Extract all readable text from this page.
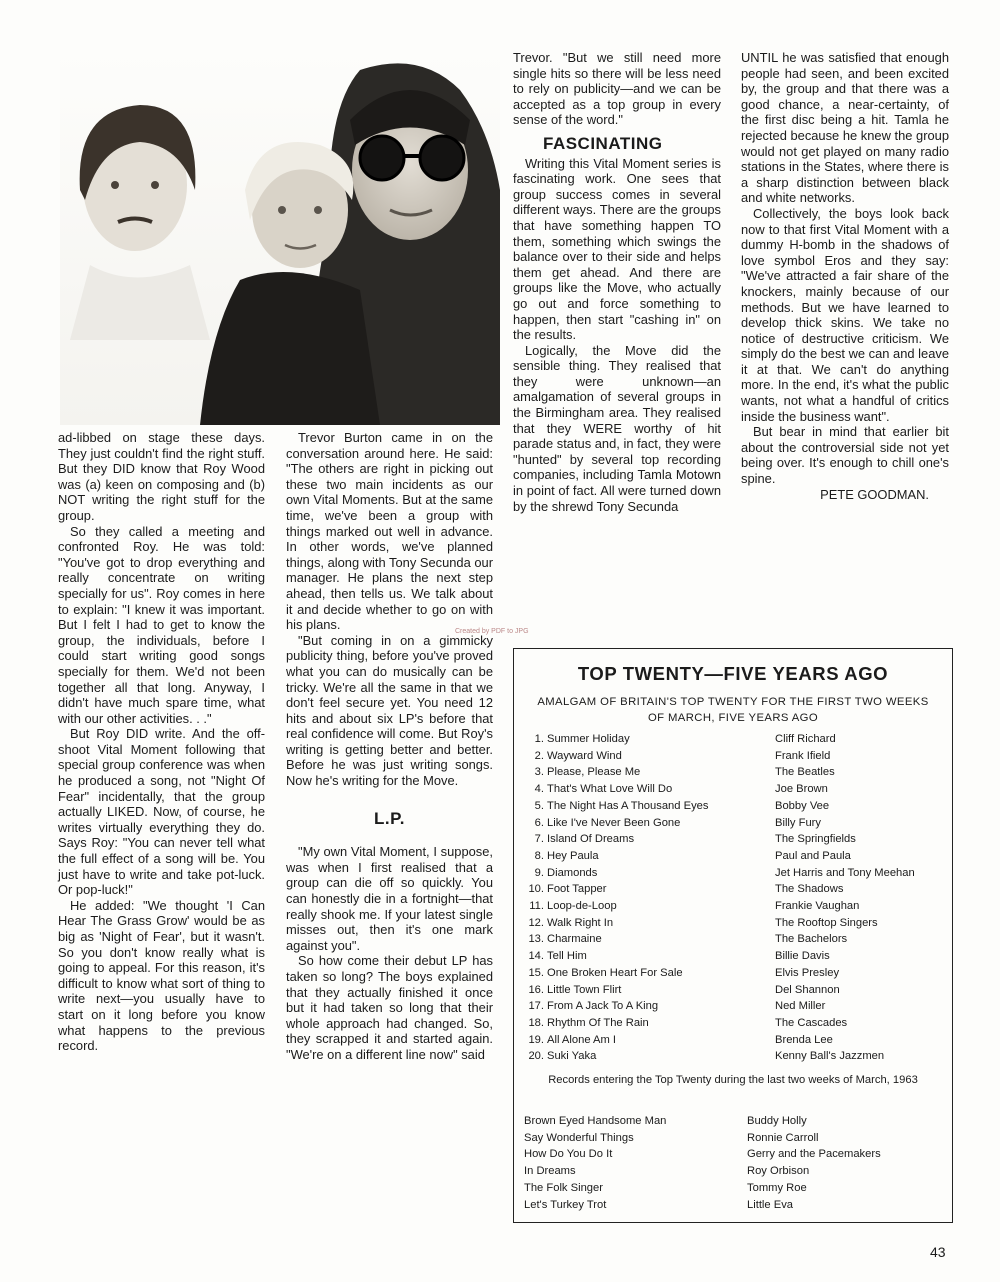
ad-libbed on stage these days. They just couldn't find the right stuff. But they DID know that Roy Wood was (a) keen on composing and (b) NOT writing the right stuff for the group.

So they called a meeting and confronted Roy. He was told: "You've got to drop everything and really concentrate on writing specially for us". Roy comes in here to explain: "I knew it was important. But I felt I had to get to know the group, the individuals, before I could start writing good songs specially for them. We'd not been together all that long. Anyway, I didn't have much spare time, what with our other activities. . ."

But Roy DID write. And the off-shoot Vital Moment following that special group conference was when he produced a song, not "Night Of Fear" incidentally, that the group actually LIKED. Now, of course, he writes virtually everything they do. Says Roy: "You can never tell what the full effect of a song will be. You just have to write and take pot-luck. Or pop-luck!"

He added: "We thought 'I Can Hear The Grass Grow' would be as big as 'Night of Fear', but it wasn't. So you don't know really what is going to appeal. For this reason, it's difficult to know what sort of thing to write next—you usually have to start on it long before you know what happens to the previous record.

Trevor Burton came in on the conversation around here. He said: "The others are right in picking out these two main incidents as our own Vital Moments. But at the same time, we've been a group with things marked out well in advance. In other words, we've planned things, along with Tony Secunda our manager. He plans the next step ahead, then tells us. We talk about it and decide whether to go on with his plans.

"But coming in on a gimmicky publicity thing, before you've proved what you can do musically can be tricky. We're all the same in that we don't feel secure yet. You need 12 hits and about six LP's before that real confidence will come. But Roy's writing is getting better and better. Before he was just writing songs. Now he's writing for the Move.

L.P.

"My own Vital Moment, I suppose, was when I first realised that a group can die off so quickly. You can honestly die in a fortnight—that really shook me. If your latest single misses out, then it's one mark against you".

So how come their debut LP has taken so long? The boys explained that they actually finished it once but it had taken so long that their whole approach had changed. So, they scrapped it and started again. "We're on a different line now" said

Trevor. "But we still need more single hits so there will be less need to rely on publicity—and we can be accepted as a top group in every sense of the word."

FASCINATING

Writing this Vital Moment series is fascinating work. One sees that group success comes in several different ways. There are the groups that have something happen TO them, something which swings the balance over to their side and helps them get ahead. And there are groups like the Move, who actually go out and force something to happen, then start "cashing in" on the results.

Logically, the Move did the sensible thing. They realised that they were unknown—an amalgamation of several groups in the Birmingham area. They realised that they WERE worthy of hit parade status and, in fact, they were "hunted" by several top recording companies, including Tamla Motown in point of fact. All were turned down by the shrewd Tony Secunda

UNTIL he was satisfied that enough people had seen, and been excited by, the group and that there was a good chance, a near-certainty, of the first disc being a hit. Tamla he rejected because he knew the group would not get played on many radio stations in the States, where there is a sharp distinction between black and white networks.

Collectively, the boys look back now to that first Vital Moment with a dummy H-bomb in the shadows of love symbol Eros and they say: "We've attracted a fair share of the knockers, mainly because of our methods. But we have learned to develop thick skins. We take no notice of destructive criticism. We simply do the best we can and leave it at that. We can't do anything more. In the end, it's what the public wants, not what a handful of critics inside the business want".

But bear in mind that earlier bit about the controversial side not yet being over. It's enough to chill one's spine.

PETE GOODMAN.

Created by PDF to JPG
TOP TWENTY—FIVE YEARS AGO
AMALGAM OF BRITAIN'S TOP TWENTY FOR THE FIRST TWO WEEKS OF MARCH, FIVE YEARS AGO
1.
2.
3.
4.
5.
6.
7.
8.
9.
10.
11.
12.
13.
14.
15.
16.
17.
18.
19.
20.
Summer Holiday
Wayward Wind
Please, Please Me
That's What Love Will Do
The Night Has A Thousand Eyes
Like I've Never Been Gone
Island Of Dreams
Hey Paula
Diamonds
Foot Tapper
Loop-de-Loop
Walk Right In
Charmaine
Tell Him
One Broken Heart For Sale
Little Town Flirt
From A Jack To A King
Rhythm Of The Rain
All Alone Am I
Suki Yaka
Cliff Richard
Frank Ifield
The Beatles
Joe Brown
Bobby Vee
Billy Fury
The Springfields
Paul and Paula
Jet Harris and Tony Meehan
The Shadows
Frankie Vaughan
The Rooftop Singers
The Bachelors
Billie Davis
Elvis Presley
Del Shannon
Ned Miller
The Cascades
Brenda Lee
Kenny Ball's Jazzmen
Records entering the Top Twenty during the last two weeks of March, 1963
Brown Eyed Handsome Man
Say Wonderful Things
How Do You Do It
In Dreams
The Folk Singer
Let's Turkey Trot
Buddy Holly
Ronnie Carroll
Gerry and the Pacemakers
Roy Orbison
Tommy Roe
Little Eva
43
